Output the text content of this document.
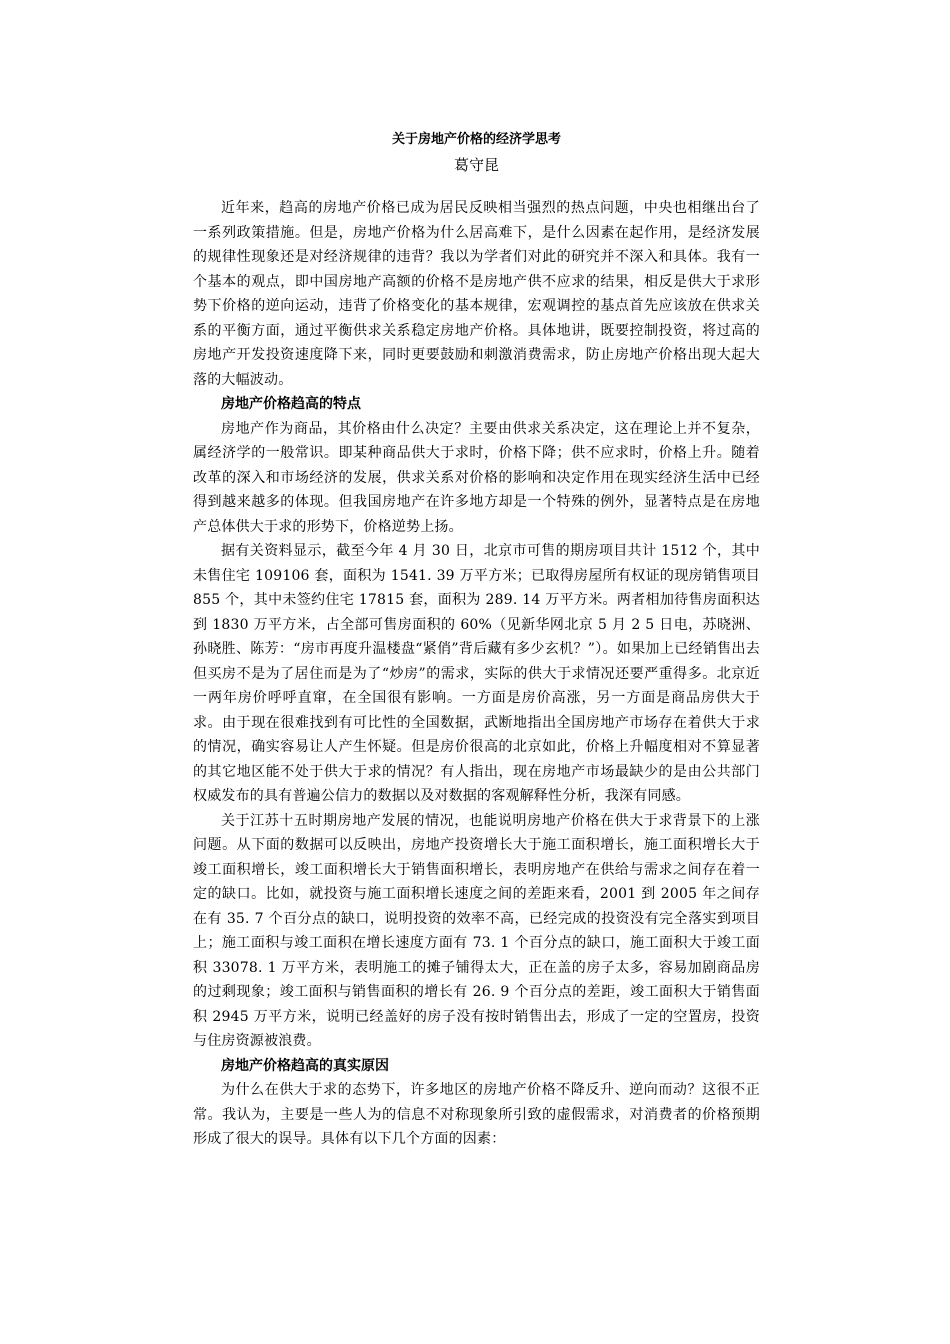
关于房地产价格的经济学思考
葛守昆

近年来，趋高的房地产价格已成为居民反映相当强烈的热点问题，中央也相继出台了一系列政策措施。但是，房地产价格为什么居高难下，是什么因素在起作用，是经济发展的规律性现象还是对经济规律的违背？我以为学者们对此的研究并不深入和具体。我有一个基本的观点，即中国房地产高额的价格不是房地产供不应求的结果，相反是供大于求形势下价格的逆向运动，违背了价格变化的基本规律，宏观调控的基点首先应该放在供求关系的平衡方面，通过平衡供求关系稳定房地产价格。具体地讲，既要控制投资，将过高的房地产开发投资速度降下来，同时更要鼓励和刺激消费需求，防止房地产价格出现大起大落的大幅波动。

房地产价格趋高的特点

房地产作为商品，其价格由什么决定？主要由供求关系决定，这在理论上并不复杂，属经济学的一般常识。即某种商品供大于求时，价格下降；供不应求时，价格上升。随着改革的深入和市场经济的发展，供求关系对价格的影响和决定作用在现实经济生活中已经得到越来越多的体现。但我国房地产在许多地方却是一个特殊的例外，显著特点是在房地产总体供大于求的形势下，价格逆势上扬。

据有关资料显示，截至今年 4 月 30 日，北京市可售的期房项目共计 1512 个，其中未售住宅 109106 套，面积为 1541. 39 万平方米；已取得房屋所有权证的现房销售项目 855 个，其中未签约住宅 17815 套，面积为 289. 14 万平方米。两者相加待售房面积达到 1830 万平方米，占全部可售房面积的 60%（见新华网北京 5 月 2 5 日电，苏晓洲、孙晓胜、陈芳：“房市再度升温楼盘“紧俏”背后藏有多少玄机？”）。如果加上已经销售出去但买房不是为了居住而是为了“炒房”的需求，实际的供大于求情况还要严重得多。北京近一两年房价呼呼直窜，在全国很有影响。一方面是房价高涨，另一方面是商品房供大于求。由于现在很难找到有可比性的全国数据，武断地指出全国房地产市场存在着供大于求的情况，确实容易让人产生怀疑。但是房价很高的北京如此，价格上升幅度相对不算显著的其它地区能不处于供大于求的情况？有人指出，现在房地产市场最缺少的是由公共部门权威发布的具有普遍公信力的数据以及对数据的客观解释性分析，我深有同感。

关于江苏十五时期房地产发展的情况，也能说明房地产价格在供大于求背景下的上涨问题。从下面的数据可以反映出，房地产投资增长大于施工面积增长，施工面积增长大于竣工面积增长，竣工面积增长大于销售面积增长，表明房地产在供给与需求之间存在着一定的缺口。比如，就投资与施工面积增长速度之间的差距来看，2001 到 2005 年之间存在有 35. 7 个百分点的缺口，说明投资的效率不高，已经完成的投资没有完全落实到项目上；施工面积与竣工面积在增长速度方面有 73. 1 个百分点的缺口，施工面积大于竣工面积 33078. 1 万平方米，表明施工的摊子铺得太大，正在盖的房子太多，容易加剧商品房的过剩现象；竣工面积与销售面积的增长有 26. 9 个百分点的差距，竣工面积大于销售面积 2945 万平方米，说明已经盖好的房子没有按时销售出去，形成了一定的空置房，投资与住房资源被浪费。

房地产价格趋高的真实原因

为什么在供大于求的态势下，许多地区的房地产价格不降反升、逆向而动？这很不正常。我认为，主要是一些人为的信息不对称现象所引致的虚假需求，对消费者的价格预期形成了很大的误导。具体有以下几个方面的因素：
